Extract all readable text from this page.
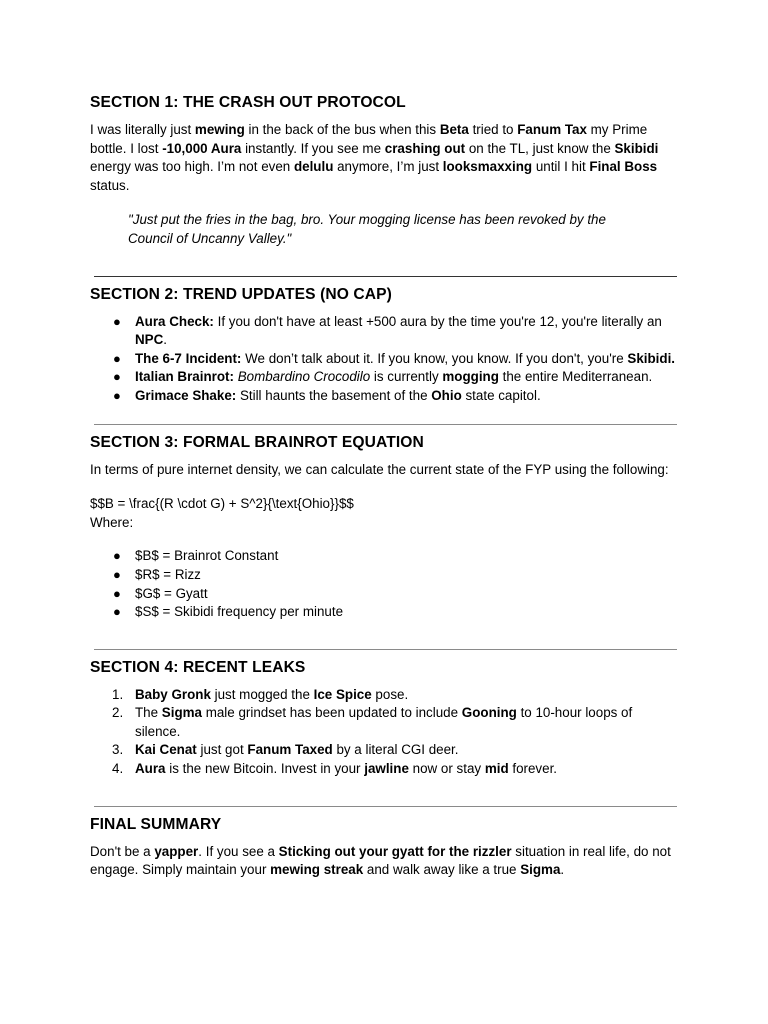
SECTION 1: THE CRASH OUT PROTOCOL

I was literally just mewing in the back of the bus when this Beta tried to Fanum Tax my Prime bottle. I lost -10,000 Aura instantly. If you see me crashing out on the TL, just know the Skibidi energy was too high. I’m not even delulu anymore, I’m just looksmaxxing until I hit Final Boss status.

"Just put the fries in the bag, bro. Your mogging license has been revoked by the Council of Uncanny Valley."

SECTION 2: TREND UPDATES (NO CAP)
● Aura Check: If you don't have at least +500 aura by the time you're 12, you're literally an NPC.
● The 6-7 Incident: We don’t talk about it. If you know, you know. If you don't, you're Skibidi.
● Italian Brainrot: Bombardino Crocodilo is currently mogging the entire Mediterranean.
● Grimace Shake: Still haunts the basement of the Ohio state capitol.
SECTION 3: FORMAL BRAINROT EQUATION

In terms of pure internet density, we can calculate the current state of the FYP using the following:

$$B = \frac{(R \cdot G) + S^2}{\text{Ohio}}$$

Where:

● $B$ = Brainrot Constant
● $R$ = Rizz
● $G$ = Gyatt
● $S$ = Skibidi frequency per minute
SECTION 4: RECENT LEAKS
1. Baby Gronk just mogged the Ice Spice pose.
2. The Sigma male grindset has been updated to include Gooning to 10-hour loops of silence.
3. Kai Cenat just got Fanum Taxed by a literal CGI deer.
4. Aura is the new Bitcoin. Invest in your jawline now or stay mid forever.
FINAL SUMMARY

Don't be a yapper. If you see a Sticking out your gyatt for the rizzler situation in real life, do not engage. Simply maintain your mewing streak and walk away like a true Sigma.
